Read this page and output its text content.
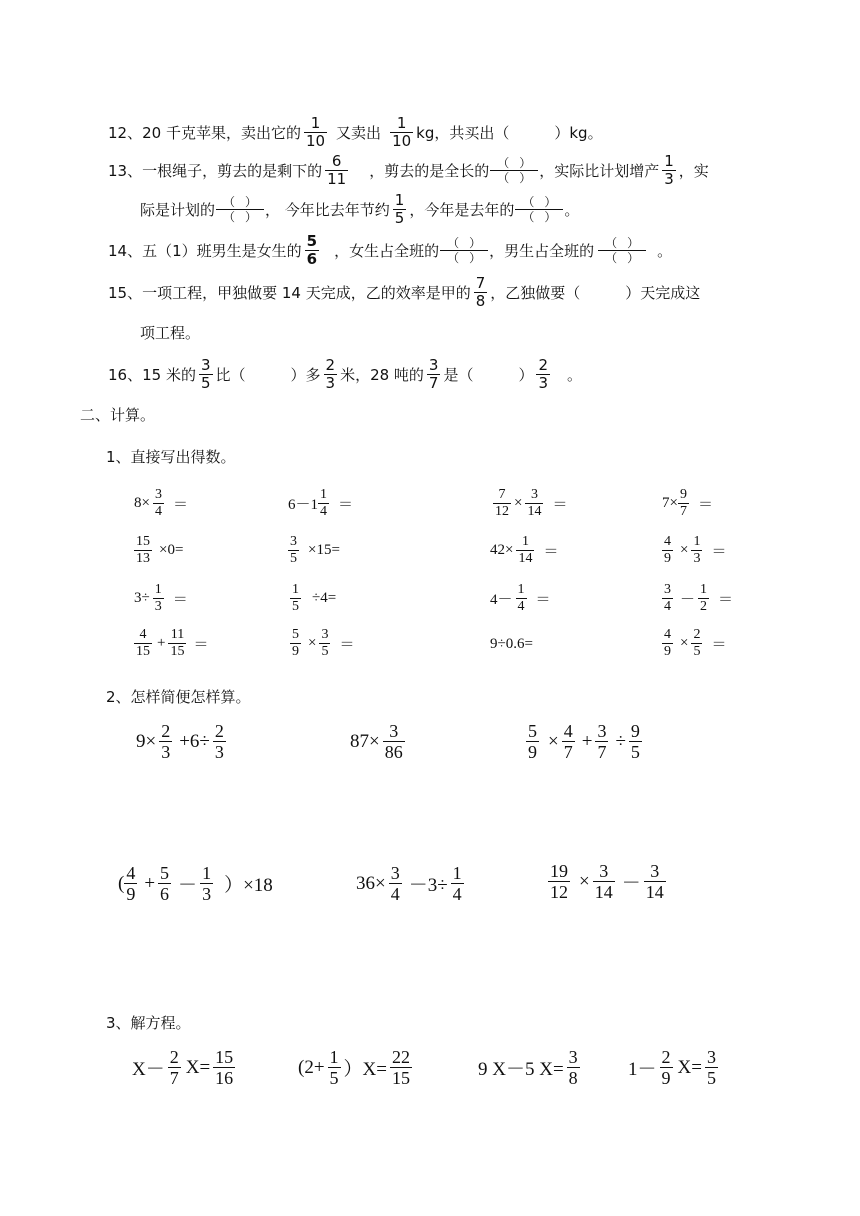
12、20 千克苹果，卖出它的 $\frac{1}{10}$ 又卖出 $\frac{1}{10}$ kg，共买出（　　　）kg。
13、一根绳子，剪去的是剩下的 $\frac{6}{11}$ ，剪去的是全长的 $\frac{( )}{( )}$ ，实际比计划增产 $\frac{1}{3}$ ，实
际是计划的 $\frac{( )}{( )}$ ， 今年比去年节约 $\frac{1}{5}$ ，今年是去年的 $\frac{( )}{( )}$ 。
14、五（1）班男生是女生的 $\frac{5}{6}$ ，女生占全班的 $\frac{( )}{( )}$ ，男生占全班的 $\frac{( )}{( )}$ 。
15、一项工程，甲独做要 14 天完成，乙的效率是甲的 $\frac{7}{8}$ ，乙独做要（　　　）天完成这
项工程。
16、15 米的 $\frac{3}{5}$ 比（　　　）多 $\frac{2}{3}$ 米，28 吨的 $\frac{3}{7}$ 是（　　　） $\frac{2}{3}$ 。
二、计算。
1、直接写出得数。
$8\times \frac{3}{4}$ ＝	$6-1 \frac{1}{4}$ ＝	$\frac{7}{12} \times \frac{3}{14}$ ＝	$7\times \frac{9}{7}$ ＝
$\frac{15}{13} \times 0=$	$\frac{3}{5} \times 15=$	$42\times \frac{1}{14}$ ＝	$\frac{4}{9} \times \frac{1}{3}$ ＝
$3\div \frac{1}{3}$ ＝	$\frac{1}{5} \div 4=$	$4- \frac{1}{4}$ ＝	$\frac{3}{4} - \frac{1}{2}$ ＝
$\frac{4}{15} + \frac{11}{15}$ ＝	$\frac{5}{9} \times \frac{3}{5}$ ＝	9÷0.6=	$\frac{4}{9} \times \frac{2}{5}$ ＝
2、怎样简便怎样算。
$9\times \frac{2}{3} +6\div \frac{2}{3}$	$87\times \frac{3}{86}$	$\frac{5}{9} \times \frac{4}{7} + \frac{3}{7} \div \frac{9}{5}$
( $\frac{4}{9} + \frac{5}{6} - \frac{1}{3} )\times 18$	$36\times \frac{3}{4} -3\div \frac{1}{4}$	$\frac{19}{12} \times \frac{3}{14} - \frac{3}{14}$
3、解方程。
$X- \frac{2}{7} X= \frac{15}{16}$	$(2+ \frac{1}{5} )X= \frac{22}{15}$	9 X－5 $X= \frac{3}{8}$	$1- \frac{2}{9} X= \frac{3}{5}$
